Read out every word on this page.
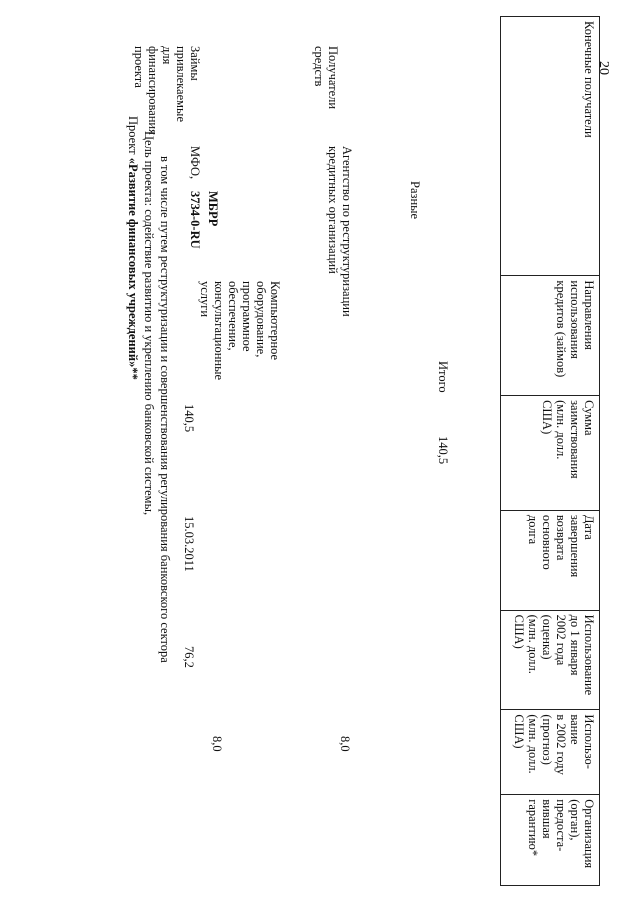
20
Конечные получатели
Направления
использования
кредитов (займов)
Сумма
заимствования
(млн. долл.
США)
Дата
завершения
возврата
основного
долга
Использование
до 1 января
2002 года
(оценка)
(млн. долл.
США)
Использо-
вание
в 2002 году
(прогноз)
(млн. долл.
США)
Организация
(орган),
предоста-
вившая
гарантию*
Проект «Развитие финансовых учреждений»** Цель проекта: содействие развитию и укреплению банковской системы, в том числе путем реструктуризации и совершенствования регулирования банковского сектора
Займы
привлекаемые для
финансирования
проекта
МФО,
3734-0-RU МБРР
Компьютерное
оборудование,
программное
обеспечение,
консультационные
услуги
140,5
15.03.2011
76,2
8,0
Получатели
средств
Агентство по реструктуризации
кредитных организаций
8,0
Разные
Итого
140,5
